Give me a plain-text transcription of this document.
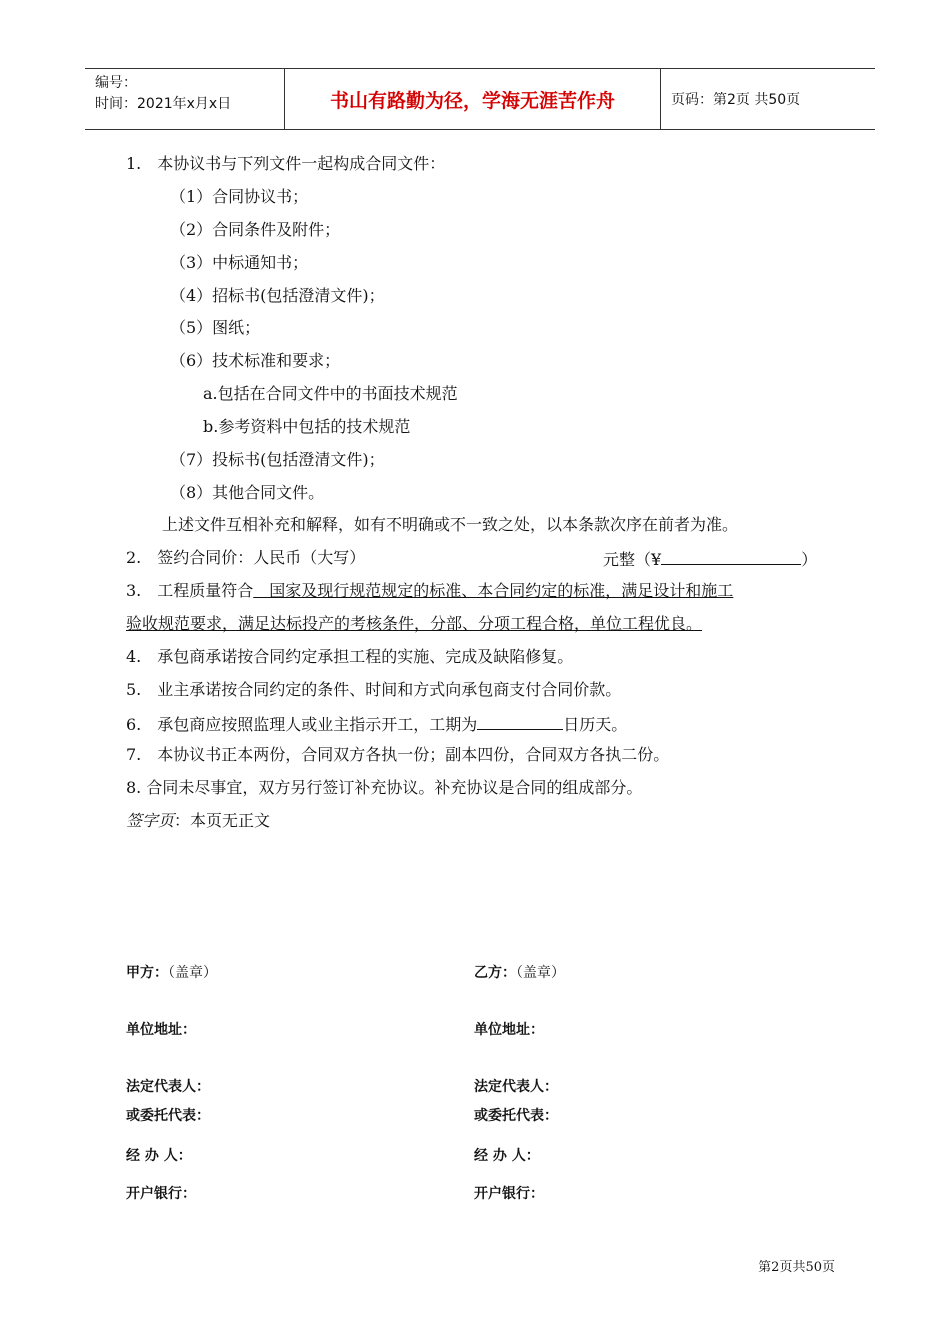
编号：
时间：2021年x月x日	书山有路勤为径，学海无涯苦作舟	页码：第2页 共50页
1.　本协议书与下列文件一起构成合同文件：
（1）合同协议书；
（2）合同条件及附件；
（3）中标通知书；
（4）招标书(包括澄清文件)；
（5）图纸；
（6）技术标准和要求；
a.包括在合同文件中的书面技术规范
b.参考资料中包括的技术规范
（7）投标书(包括澄清文件)；
（8）其他合同文件。
上述文件互相补充和解释，如有不明确或不一致之处，以本条款次序在前者为准。
2.　签约合同价：人民币（大写）	元整（¥	）
3.　工程质量符合　国家及现行规范规定的标准、本合同约定的标准，满足设计和施工
验收规范要求，满足达标投产的考核条件，分部、分项工程合格，单位工程优良。
4.　承包商承诺按合同约定承担工程的实施、完成及缺陷修复。
5.　业主承诺按合同约定的条件、时间和方式向承包商支付合同价款。
6.　承包商应按照监理人或业主指示开工，工期为	日历天。
7.　本协议书正本两份，合同双方各执一份；副本四份，合同双方各执二份。
8. 合同未尽事宜，双方另行签订补充协议。补充协议是合同的组成部分。
签字页：本页无正文
甲方：（盖章）	乙方：（盖章）
单位地址：	单位地址：
法定代表人：	法定代表人：
或委托代表：	或委托代表：
经 办 人：	经 办 人：
开户银行：	开户银行：
第2页共50页
